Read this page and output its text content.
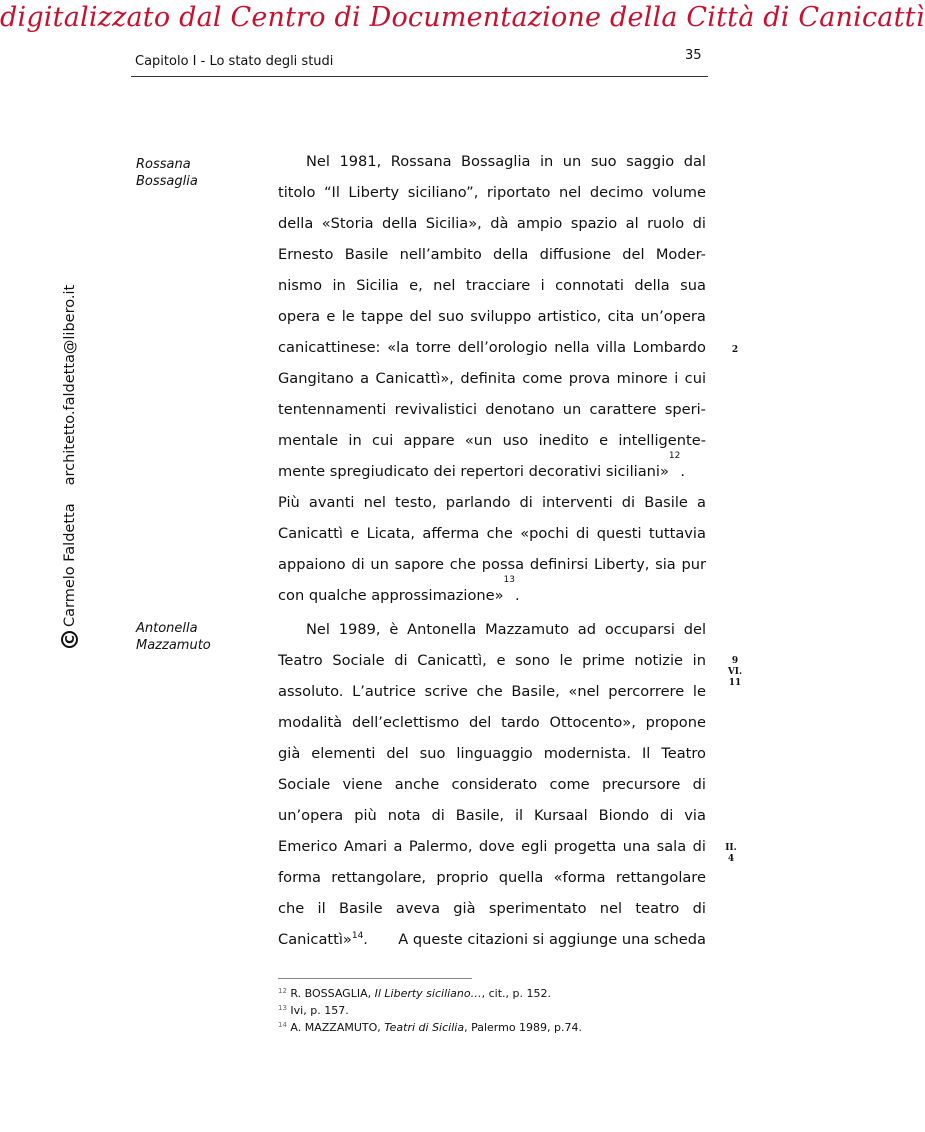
digitalizzato dal Centro di Documentazione della Città di Canicattì
Capitolo I - Lo stato degli studi	35
C
Carmelo Faldetta
architetto.faldetta@libero.it
Rossana
Bossaglia
Antonella
Mazzamuto
2
9
VI.
11
II.
4
Nel 1981, Rossana Bossaglia in un suo saggio dal
titolo “Il Liberty siciliano”, riportato nel decimo volume
della «Storia della Sicilia», dà ampio spazio al ruolo di
Ernesto Basile nell’ambito della diffusione del Moder-
nismo in Sicilia e, nel tracciare i connotati della sua
opera e le tappe del suo sviluppo artistico, cita un’opera
canicattinese: «la torre dell’orologio nella villa Lombardo
Gangitano a Canicattì», definita come prova minore i cui
tentennamenti revivalistici denotano un carattere speri-
mentale in cui appare «un uso inedito e intelligente-
mente spregiudicato dei repertori decorativi siciliani»
12
.
Più avanti nel testo, parlando di interventi di Basile a
Canicattì e Licata, afferma che «pochi di questi tuttavia
appaiono di un sapore che possa definirsi Liberty, sia pur
con qualche approssimazione»
13
.
Nel 1989, è Antonella Mazzamuto ad occuparsi del
Teatro Sociale di Canicattì, e sono le prime notizie in
assoluto. L’autrice scrive che Basile, «nel percorrere le
modalità dell’eclettismo del tardo Ottocento», propone
già elementi del suo linguaggio modernista. Il Teatro
Sociale viene anche considerato come precursore di
un’opera più nota di Basile, il Kursaal Biondo di via
Emerico Amari a Palermo, dove egli progetta una sala di
forma rettangolare, proprio quella «forma rettangolare
che il Basile aveva già sperimentato nel teatro di
Canicattì»$^{14}$. A queste citazioni si aggiunge una scheda
$^{12}$ R. BOSSAGLIA, Il Liberty siciliano…, cit., p. 152.
$^{13}$ Ivi, p. 157.
$^{14}$ A. MAZZAMUTO, Teatri di Sicilia, Palermo 1989, p.74.
